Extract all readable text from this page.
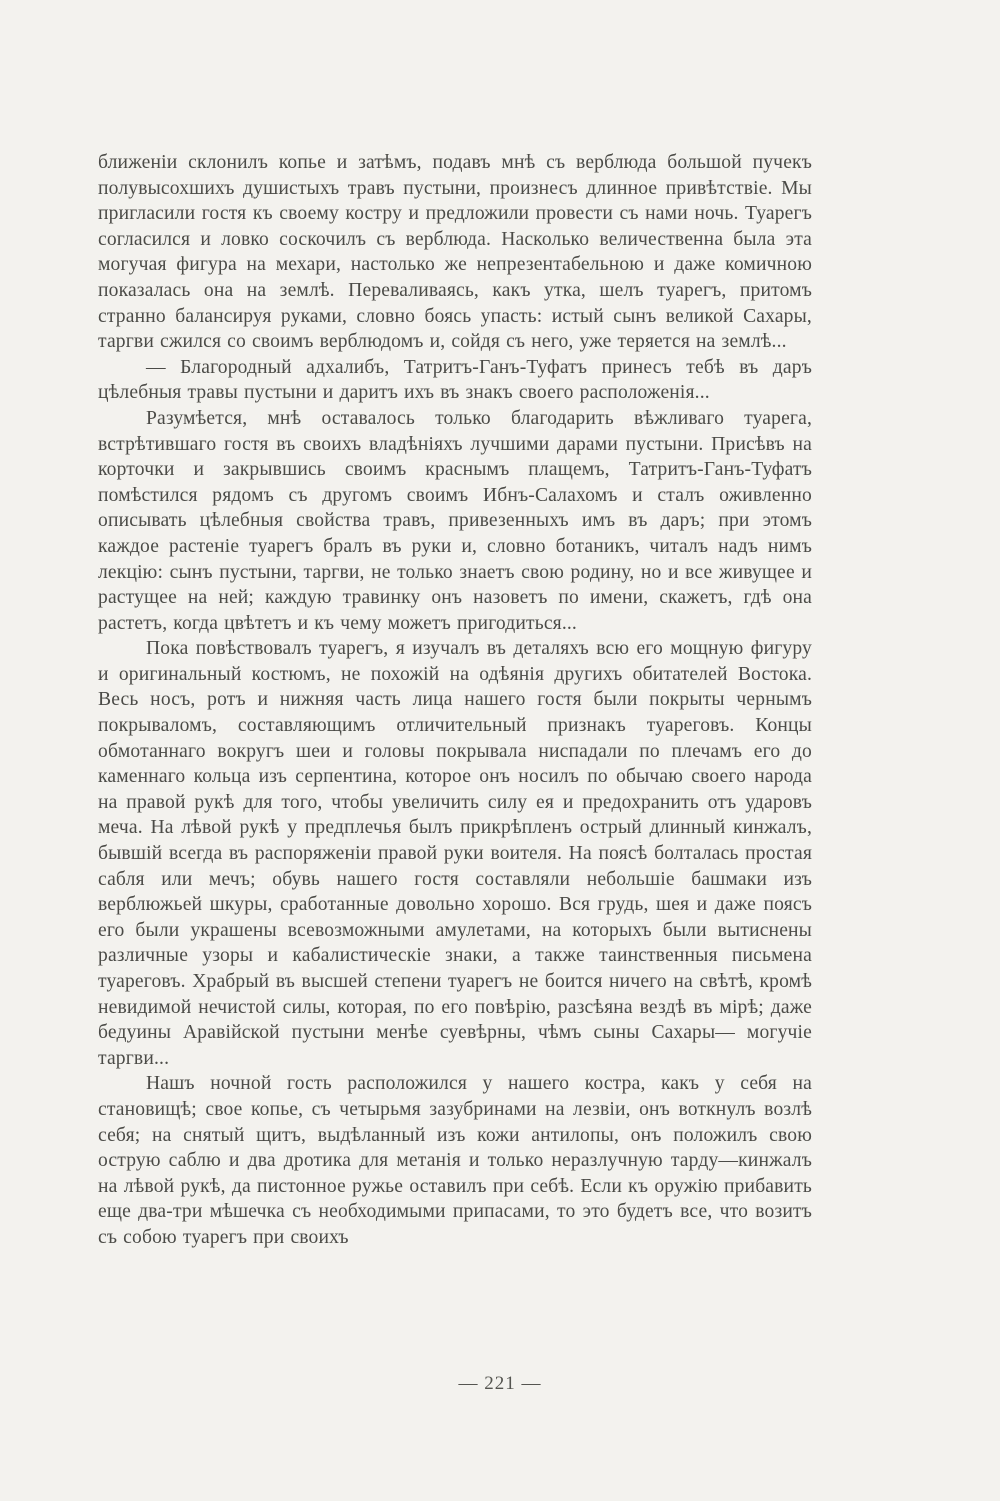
ближеніи склонилъ копье и затѣмъ, подавъ мнѣ съ верблюда большой пучекъ полувысохшихъ душистыхъ травъ пустыни, произнесъ длинное привѣтствіе. Мы пригласили гостя къ своему костру и предложили провести съ нами ночь. Туарегъ согласился и ловко соскочилъ съ верблюда. Насколько величественна была эта могучая фигура на мехари, настолько же непрезентабельною и даже комичною показалась она на землѣ. Переваливаясь, какъ утка, шелъ туарегъ, притомъ странно балансируя руками, словно боясь упасть: истый сынъ великой Сахары, таргви сжился со своимъ верблюдомъ и, сойдя съ него, уже теряется на землѣ...

— Благородный адхалибъ, Татритъ-Ганъ-Туфатъ принесъ тебѣ въ даръ цѣлебныя травы пустыни и даритъ ихъ въ знакъ своего расположенія...

Разумѣется, мнѣ оставалось только благодарить вѣжливаго туарега, встрѣтившаго гостя въ своихъ владѣніяхъ лучшими дарами пустыни. Присѣвъ на корточки и закрывшись своимъ краснымъ плащемъ, Татритъ-Ганъ-Туфатъ помѣстился рядомъ съ другомъ своимъ Ибнъ-Салахомъ и сталъ оживленно описывать цѣлебныя свойства травъ, привезенныхъ имъ въ даръ; при этомъ каждое растеніе туарегъ бралъ въ руки и, словно ботаникъ, читалъ надъ нимъ лекцію: сынъ пустыни, таргви, не только знаетъ свою родину, но и все живущее и растущее на ней; каждую травинку онъ назоветъ по имени, скажетъ, гдѣ она растетъ, когда цвѣтетъ и къ чему можетъ пригодиться...

Пока повѣствовалъ туарегъ, я изучалъ въ деталяхъ всю его мощную фигуру и оригинальный костюмъ, не похожій на одѣянія другихъ обитателей Востока. Весь носъ, ротъ и нижняя часть лица нашего гостя были покрыты чернымъ покрываломъ, составляющимъ отличительный признакъ туареговъ. Концы обмотаннаго вокругъ шеи и головы покрывала ниспадали по плечамъ его до каменнаго кольца изъ серпентина, которое онъ носилъ по обычаю своего народа на правой рукѣ для того, чтобы увеличить силу ея и предохранить отъ ударовъ меча. На лѣвой рукѣ у предплечья былъ прикрѣпленъ острый длинный кинжалъ, бывшій всегда въ распоряженіи правой руки воителя. На поясѣ болталась простая сабля или мечъ; обувь нашего гостя составляли небольшіе башмаки изъ верблюжьей шкуры, сработанные довольно хорошо. Вся грудь, шея и даже поясъ его были украшены всевозможными амулетами, на которыхъ были вытиснены различные узоры и кабалистическіе знаки, а также таинственныя письмена туареговъ. Храбрый въ высшей степени туарегъ не боится ничего на свѣтѣ, кромѣ невидимой нечистой силы, которая, по его повѣрію, разсѣяна вездѣ въ мірѣ; даже бедуины Аравійской пустыни менѣе суевѣрны, чѣмъ сыны Сахары— могучіе таргви...

Нашъ ночной гость расположился у нашего костра, какъ у себя на становищѣ; свое копье, съ четырьмя зазубринами на лезвіи, онъ воткнулъ возлѣ себя; на снятый щитъ, выдѣланный изъ кожи антилопы, онъ положилъ свою острую саблю и два дротика для метанія и только неразлучную тарду—кинжалъ на лѣвой рукѣ, да пистонное ружье оставилъ при себѣ. Если къ оружію прибавить еще два-три мѣшечка съ необходимыми припасами, то это будетъ все, что возитъ съ собою туарегъ при своихъ

— 221 —
